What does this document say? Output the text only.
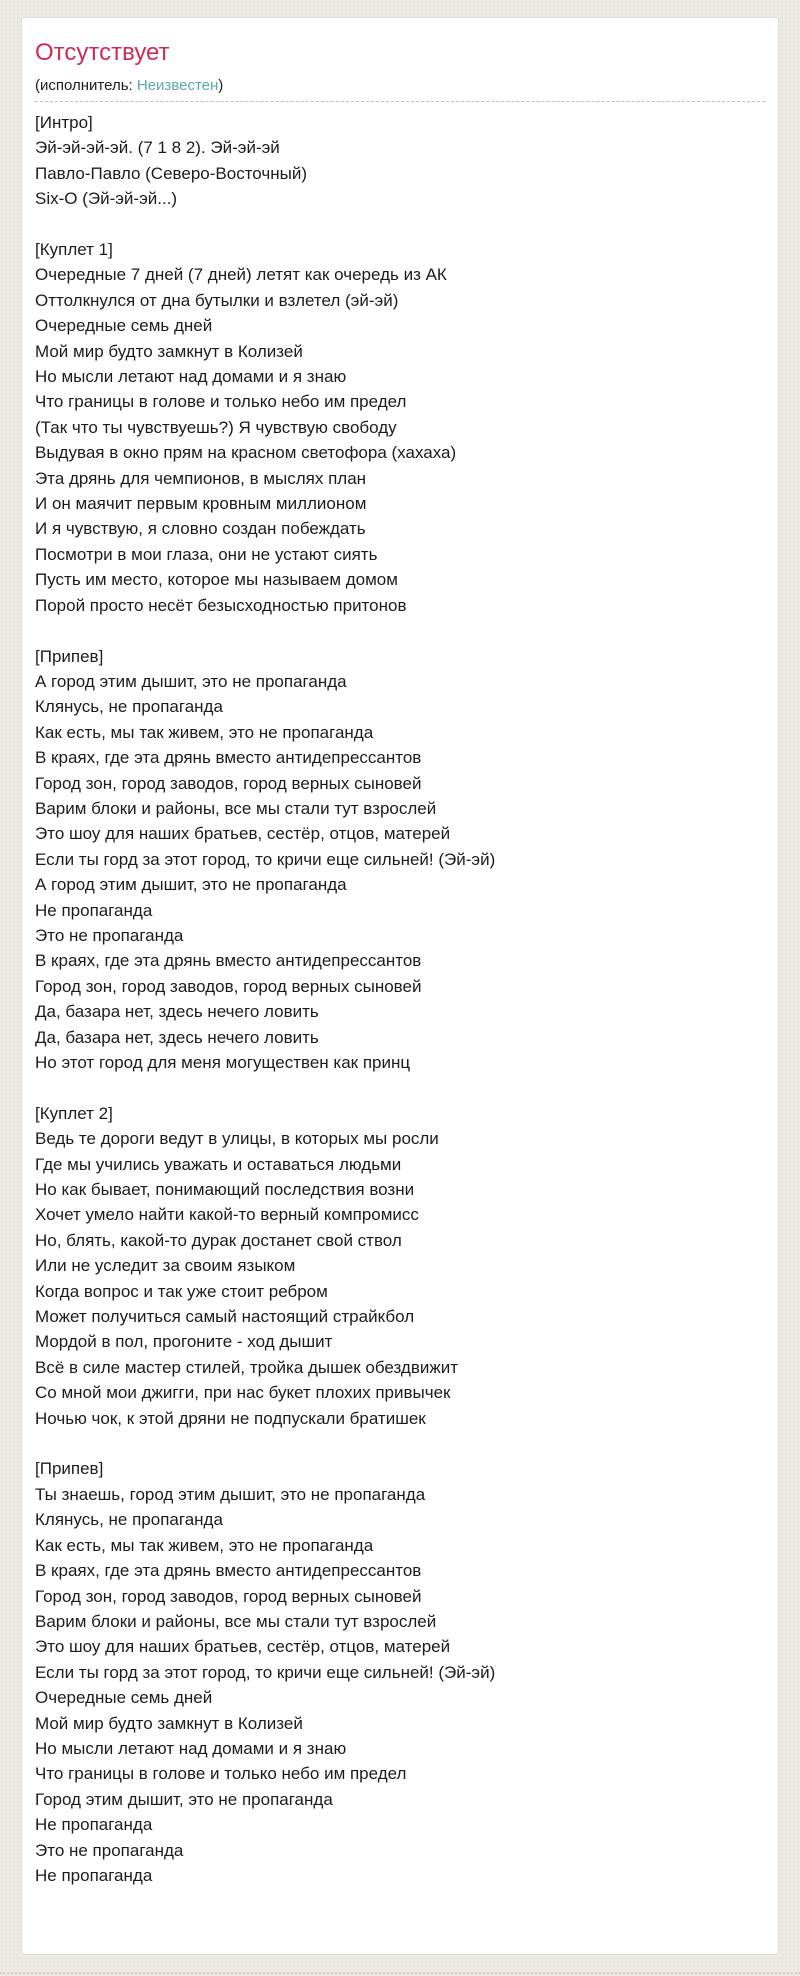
Отсутствует
(исполнитель: Неизвестен)
[Интро]
Эй-эй-эй-эй. (7 1 8 2). Эй-эй-эй
Павло-Павло (Северо-Восточный)
Six-O (Эй-эй-эй...)
[Куплет 1]
Очередные 7 дней (7 дней) летят как очередь из АК
Оттолкнулся от дна бутылки и взлетел (эй-эй)
Очередные семь дней
Мой мир будто замкнут в Колизей
Но мысли летают над домами и я знаю
Что границы в голове и только небо им предел
(Так что ты чувствуешь?) Я чувствую свободу
Выдувая в окно прям на красном светофора (хахаха)
Эта дрянь для чемпионов, в мыслях план
И он маячит первым кровным миллионом
И я чувствую, я словно создан побеждать
Посмотри в мои глаза, они не устают сиять
Пусть им место, которое мы называем домом
Порой просто несёт безысходностью притонов
[Припев]
А город этим дышит, это не пропаганда
Клянусь, не пропаганда
Как есть, мы так живем, это не пропаганда
В краях, где эта дрянь вместо антидепрессантов
Город зон, город заводов, город верных сыновей
Варим блоки и районы, все мы стали тут взрослей
Это шоу для наших братьев, сестёр, отцов, матерей
Если ты горд за этот город, то кричи еще сильней! (Эй-эй)
А город этим дышит, это не пропаганда
Не пропаганда
Это не пропаганда
В краях, где эта дрянь вместо антидепрессантов
Город зон, город заводов, город верных сыновей
Да, базара нет, здесь нечего ловить
Да, базара нет, здесь нечего ловить
Но этот город для меня могуществен как принц
[Куплет 2]
Ведь те дороги ведут в улицы, в которых мы росли
Где мы учились уважать и оставаться людьми
Но как бывает, понимающий последствия возни
Хочет умело найти какой-то верный компромисс
Но, блять, какой-то дурак достанет свой ствол
Или не уследит за своим языком
Когда вопрос и так уже стоит ребром
Может получиться самый настоящий страйкбол
Мордой в пол, прогоните - ход дышит
Всё в силе мастер стилей, тройка дышек обездвижит
Со мной мои джигги, при нас букет плохих привычек
Ночью чок, к этой дряни не подпускали братишек
[Припев]
Ты знаешь, город этим дышит, это не пропаганда
Клянусь, не пропаганда
Как есть, мы так живем, это не пропаганда
В краях, где эта дрянь вместо антидепрессантов
Город зон, город заводов, город верных сыновей
Варим блоки и районы, все мы стали тут взрослей
Это шоу для наших братьев, сестёр, отцов, матерей
Если ты горд за этот город, то кричи еще сильней! (Эй-эй)
Очередные семь дней
Мой мир будто замкнут в Колизей
Но мысли летают над домами и я знаю
Что границы в голове и только небо им предел
Город этим дышит, это не пропаганда
Не пропаганда
Это не пропаганда
Не пропаганда
